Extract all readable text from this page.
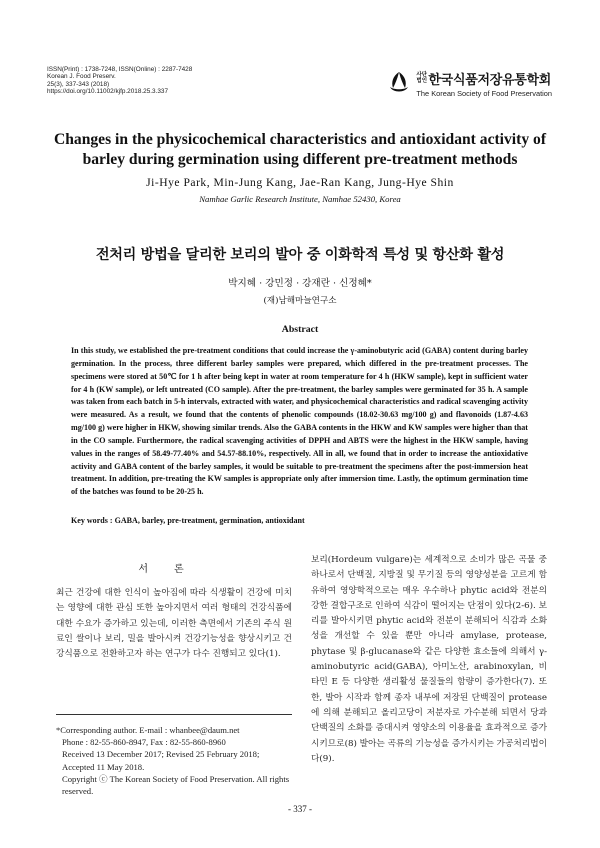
ISSN(Print) : 1738-7248, ISSN(Online) : 2287-7428
Korean J. Food Preserv.
25(3), 337-343 (2018)
https://doi.org/10.11002/kjfp.2018.25.3.337
사단법인 한국식품저장유통학회
The Korean Society of Food Preservation
Changes in the physicochemical characteristics and antioxidant activity of barley during germination using different pre-treatment methods
Ji-Hye Park, Min-Jung Kang, Jae-Ran Kang, Jung-Hye Shin
Namhae Garlic Research Institute, Namhae 52430, Korea
전처리 방법을 달리한 보리의 발아 중 이화학적 특성 및 항산화 활성
박지혜 · 강민정 · 강재란 · 신정혜*
(재)남해마늘연구소
Abstract
In this study, we established the pre-treatment conditions that could increase the γ-aminobutyric acid (GABA) content during barley germination. In the process, three different barley samples were prepared, which differed in the pre-treatment processes. The specimens were stored at 50℃ for 1 h after being kept in water at room temperature for 4 h (HKW sample), kept in sufficient water for 4 h (KW sample), or left untreated (CO sample). After the pre-treatment, the barley samples were germinated for 35 h. A sample was taken from each batch in 5-h intervals, extracted with water, and physicochemical characteristics and radical scavenging activity were measured. As a result, we found that the contents of phenolic compounds (18.02-30.63 mg/100 g) and flavonoids (1.87-4.63 mg/100 g) were higher in HKW, showing similar trends. Also the GABA contents in the HKW and KW samples were higher than that in the CO sample. Furthermore, the radical scavenging activities of DPPH and ABTS were the highest in the HKW sample, having values in the ranges of 58.49-77.40% and 54.57-88.10%, respectively. All in all, we found that in order to increase the antioxidative activity and GABA content of the barley samples, it would be suitable to pre-treatment the specimens after the post-immersion heat treatment. In addition, pre-treating the KW samples is appropriate only after immersion time. Lastly, the optimum germination time of the batches was found to be 20-25 h.
Key words : GABA, barley, pre-treatment, germination, antioxidant
서론
최근 건강에 대한 인식이 높아짐에 따라 식생활이 건강에 미치는 영향에 대한 관심 또한 높아지면서 여러 형태의 건강식품에 대한 수요가 증가하고 있는데, 이러한 측면에서 기존의 주식 원료인 쌀이나 보리, 밀을 발아시켜 건강기능성을 향상시키고 건강식품으로 전환하고자 하는 연구가 다수 진행되고 있다(1).
보리(Hordeum vulgare)는 세계적으로 소비가 많은 곡물 중 하나로서 단백질, 지방질 및 무기질 등의 영양성분을 고르게 함유하여 영양학적으로는 매우 우수하나 phytic acid와 전분의 강한 결합구조로 인하여 식감이 떨어지는 단점이 있다(2-6). 보리를 발아시키면 phytic acid와 전분이 분해되어 식감과 소화성을 개선할 수 있을 뿐만 아니라 amylase, protease, phytase 및 β-glucanase와 같은 다양한 효소들에 의해서 γ-aminobutyric acid(GABA), 아미노산, arabinoxylan, 비타민 E 등 다양한 생리활성 물질들의 함량이 증가한다(7). 또한, 발아 시작과 함께 종자 내부에 저장된 단백질이 protease에 의해 분해되고 올리고당이 저분자로 가수분해 되면서 당과 단백질의 소화를 증대시켜 영양소의 이용율을 효과적으로 증가시키므로(8) 발아는 곡류의 기능성을 증가시키는 가공처리법이다(9).
*Corresponding author. E-mail : whanbee@daum.net
Phone : 82-55-860-8947, Fax : 82-55-860-8960
Received 13 December 2017; Revised 25 February 2018; Accepted 11 May 2018.
Copyright ⓒ The Korean Society of Food Preservation. All rights reserved.
- 337 -
